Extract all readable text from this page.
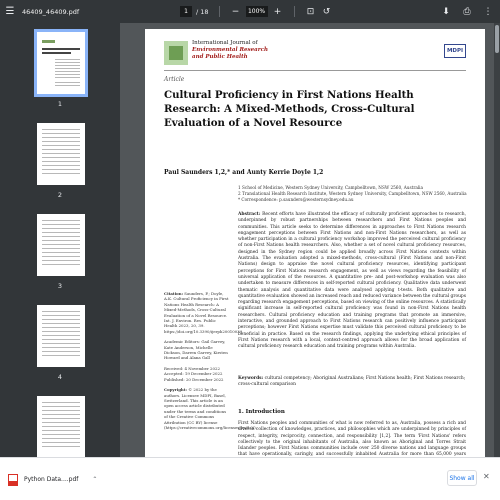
☰	46409_46409.pdf	1	/ 18	−	100% +	⊡ ↺	⬇ ⎙ ⋮
1
2
3
4
International Journal of
Environmental Research
and Public Health
MDPI
Article
Cultural Proficiency in First Nations Health Research: A Mixed-Methods, Cross-Cultural Evaluation of a Novel Resource
Paul Saunders 1,2,* and Aunty Kerrie Doyle 1,2
1 School of Medicine, Western Sydney University, Campbelltown, NSW 2560, Australia
2 Translational Health Research Institute, Western Sydney University, Campbelltown, NSW 2560, Australia
* Correspondence: p.saunders@westernsydney.edu.au
Abstract: Recent efforts have illustrated the efficacy of culturally proficient approaches to research, underpinned by robust partnerships between researchers and First Nations peoples and communities. This article seeks to determine differences in approaches to First Nations research engagement perceptions between First Nations and non-First Nations researchers, as well as whether participation in a cultural proficiency workshop improved the perceived cultural proficiency of non-First Nations health researchers. Also, whether a set of novel cultural proficiency resources, designed in the Sydney region could be applied broadly across First Nations contexts within Australia. The evaluation adopted a mixed-methods, cross-cultural (First Nations and non-First Nations) design to appraise the novel cultural proficiency resources, identifying participant perceptions for First Nations research engagement, as well as views regarding the feasibility of universal application of the resources. A quantitative pre- and post-workshop evaluation was also undertaken to measure differences in self-reported cultural proficiency. Qualitative data underwent thematic analysis and quantitative data were analysed applying t-tests. Both qualitative and quantitative evaluation showed an increased reach and reduced variance between the cultural groups regarding research engagement perceptions, based on viewing of the online resources. A statistically significant increase in self-reported cultural proficiency was found in non-First Nations health researchers. Cultural proficiency education and training programs that promote an immersive, interactive, and grounded approach to First Nations research can positively influence participant perceptions; however First Nations expertise must validate this perceived cultural proficiency to be beneficial in practice. Based on the research findings, applying the underlying ethical principles of First Nations research with a local, context-centred approach allows for the broad application of cultural proficiency research education and training programs within Australia.
Citation: Saunders, P.; Doyle, A.K. Cultural Proficiency in First Nations Health Research: A Mixed-Methods, Cross-Cultural Evaluation of a Novel Resource. Int. J. Environ. Res. Public Health 2023, 20, 39. https://doi.org/10.3390/ijerph20010039
Academic Editors: Gail Garvey, Kate Anderson, Michelle Dickson, Darren Garvey, Kirsten Howard and Alana Gall
Received: 4 November 2022
Accepted: 19 December 2022
Published: 20 December 2022
Copyright: © 2022 by the authors. Licensee MDPI, Basel, Switzerland. This article is an open access article distributed under the terms and conditions of the Creative Commons Attribution (CC BY) license (https://creativecommons.org/licenses/by/4.0/).
Keywords: cultural competency; Aboriginal Australians; First Nations health; First Nations research; cross-cultural comparison
1. Introduction
First Nations peoples and communities of what is now referred to as, Australia, possess a rich and diverse collection of knowledges, practices, and philosophies which are underpinned by principles of respect, integrity, reciprocity, connection, and responsibility [1,2]. The term 'First Nations' refers collectively to the original inhabitants of Australia, also known as Aboriginal and Torres Strait Islander peoples. First Nations communities include over 250 diverse nations and language groups that have operationally, caringly, and successfully inhabited Australia for more than 65,000 years
Python Data....pdf ⌃	Show all	✕
